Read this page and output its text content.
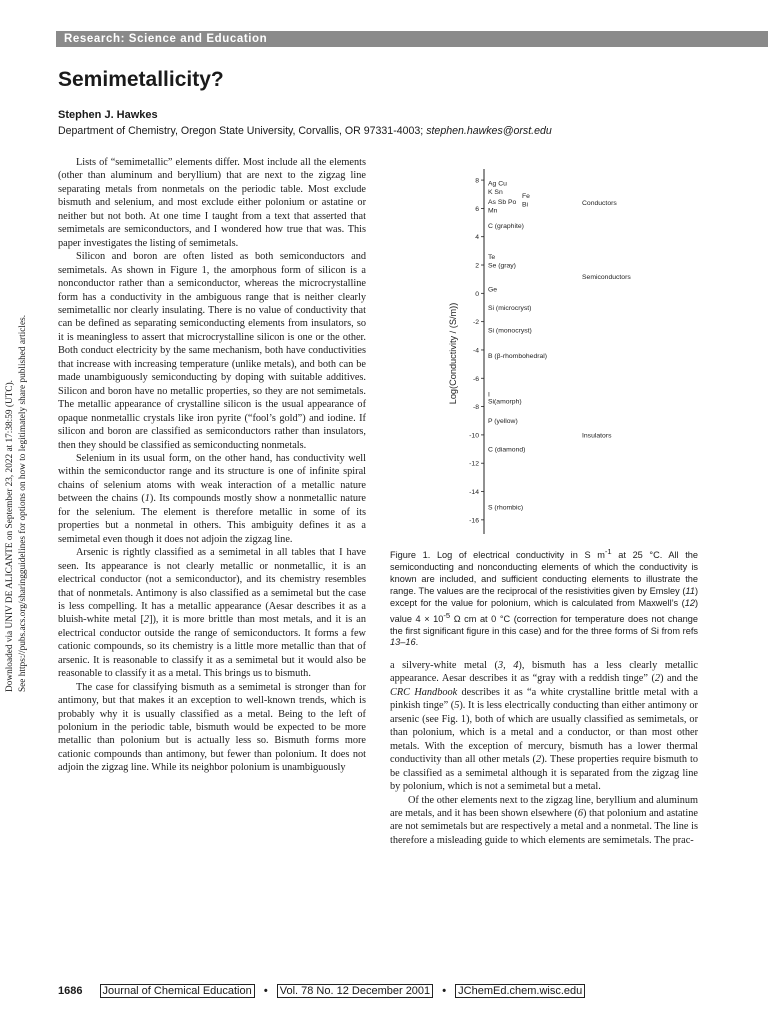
Research: Science and Education
Semimetallicity?
Stephen J. Hawkes
Department of Chemistry, Oregon State University, Corvallis, OR 97331-4003; stephen.hawkes@orst.edu
Downloaded via UNIV DE ALICANTE on September 23, 2022 at 17:38:59 (UTC). See https://pubs.acs.org/sharingguidelines for options on how to legitimately share published articles.

Lists of “semimetallic” elements differ. Most include all the elements (other than aluminum and beryllium) that are next to the zigzag line separating metals from nonmetals on the periodic table. Most exclude bismuth and selenium, and most exclude either polonium or astatine or neither but not both. At one time I taught from a text that asserted that semimetals are semiconductors, and I wondered how true that was. This paper investigates the listing of semimetals.

Silicon and boron are often listed as both semiconductors and semimetals. As shown in Figure 1, the amorphous form of silicon is a nonconductor rather than a semiconductor, whereas the microcrystalline form has a conductivity in the ambiguous range that is neither clearly semimetallic nor clearly insulating. There is no value of conductivity that can be defined as separating semiconducting elements from insulators, so it is meaningless to assert that microcrystalline silicon is one or the other. Both conduct electricity by the same mechanism, both have conductivities that increase with increasing temperature (unlike metals), and both can be made unambiguously semiconducting by doping with suitable additives. Silicon and boron have no metallic properties, so they are not semimetals. The metallic appearance of crystalline silicon is the usual appearance of opaque nonmetallic crystals like iron pyrite (“fool’s gold”) and iodine. If silicon and boron are classified as semiconductors rather than insulators, then they should be classified as semiconducting nonmetals.

Selenium in its usual form, on the other hand, has conductivity well within the semiconductor range and its structure is one of infinite spiral chains of selenium atoms with weak interaction of a metallic nature between the chains (1). Its compounds mostly show a nonmetallic nature for the selenium. The element is therefore metallic in some of its properties but a nonmetal in others. This ambiguity defines it as a semimetal even though it does not adjoin the zigzag line.

Arsenic is rightly classified as a semimetal in all tables that I have seen. Its appearance is not clearly metallic or nonmetallic, it is an electrical conductor (not a semiconductor), and its chemistry resembles that of nonmetals. Antimony is also classified as a semimetal but the case is less compelling. It has a metallic appearance (Aesar describes it as a bluish-white metal [2]), it is more brittle than most metals, and it is an electrical conductor outside the range of semiconductors. It forms a few cationic compounds, so its chemistry is a little more metallic than that of arsenic. It is reasonable to classify it as a semimetal but it would also be reasonable to classify it as a metal. This brings us to bismuth.

The case for classifying bismuth as a semimetal is stronger than for antimony, but that makes it an exception to well-known trends, which is probably why it is usually classified as a metal. Being to the left of polonium in the periodic table, bismuth would be expected to be more metallic than polonium but is actually less so. Bismuth forms more cationic compounds than antimony, but fewer than polonium. It does not adjoin the zigzag line. While its neighbor polonium is unambiguously

8
6
4
2
0
-2
-4
-6
-8
-10
-12
-14
-16
Log(Conductivity / (S/m))
Ag Cu
K Sn
As Sb Po
Fe
Bi
Mn
C (graphite)
Te
Se (gray)
Ge
Si (microcryst)
Si (monocryst)
B (β-rhombohedral)
I
Si(amorph)
P (yellow)
C (diamond)
S (rhombic)
Conductors
Semiconductors
Insulators
Figure 1. Log of electrical conductivity in S $m^{-1}$ at 25 °C. All the semiconducting and nonconducting elements of which the conductivity is known are included, and sufficient conducting elements to illustrate the range. The values are the reciprocal of the resistivities given by Emsley (11) except for the value for polonium, which is calculated from Maxwell’s (12) value $4 \times 10^{-5}$ Ω cm at 0 °C (correction for temperature does not change the first significant figure in this case) and for the three forms of Si from refs 13–16.

a silvery-white metal (3, 4), bismuth has a less clearly metallic appearance. Aesar describes it as “gray with a reddish tinge” (2) and the CRC Handbook describes it as “a white crystalline brittle metal with a pinkish tinge” (5). It is less electrically conducting than either antimony or arsenic (see Fig. 1), both of which are usually classified as semimetals, or than polonium, which is a metal and a conductor, or than most other metals. With the exception of mercury, bismuth has a lower thermal conductivity than all other metals (2). These properties require bismuth to be classified as a semimetal although it is separated from the zigzag line by polonium, which is not a semimetal but a metal.

Of the other elements next to the zigzag line, beryllium and aluminum are metals, and it has been shown elsewhere (6) that polonium and astatine are not semimetals but are respectively a metal and a nonmetal. The line is therefore a misleading guide to which elements are semimetals. The prac-

1686 Journal of Chemical Education • Vol. 78 No. 12 December 2001 • JChemEd.chem.wisc.edu
